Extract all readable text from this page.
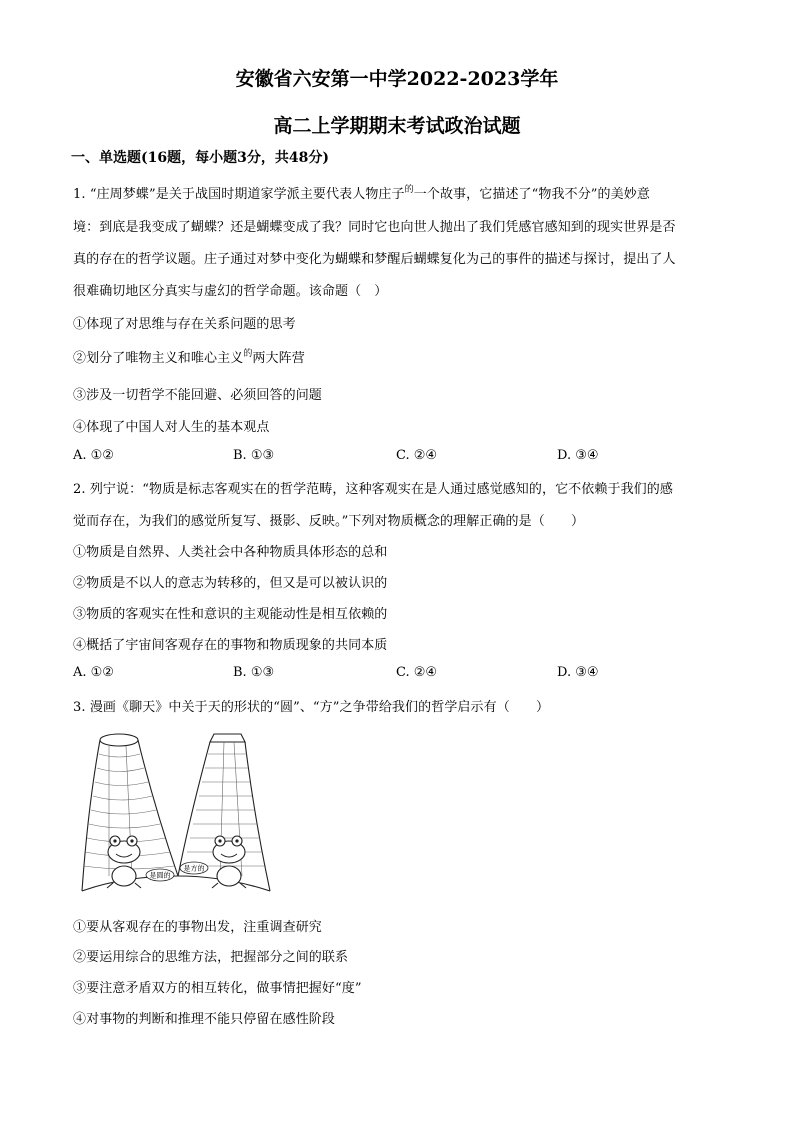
安徽省六安第一中学2022-2023学年
高二上学期期末考试政治试题
一、单选题(16题，每小题3分，共48分)
1. “庄周梦蝶”是关于战国时期道家学派主要代表人物庄子$^的$一个故事，它描述了“物我不分”的美妙意
境：到底是我变成了蝴蝶？还是蝴蝶变成了我？同时它也向世人抛出了我们凭感官感知到的现实世界是否
真的存在的哲学议题。庄子通过对梦中变化为蝴蝶和梦醒后蝴蝶复化为己的事件的描述与探讨，提出了人
很难确切地区分真实与虚幻的哲学命题。该命题（　）
①体现了对思维与存在关系问题的思考
②划分了唯物主义和唯心主义$^的$两大阵营
③涉及一切哲学不能回避、必须回答的问题
④体现了中国人对人生的基本观点
A. ①②	B. ①③	C. ②④	D. ③④
2. 列宁说：“物质是标志客观实在的哲学范畴，这种客观实在是人通过感觉感知的，它不依赖于我们的感
觉而存在，为我们的感觉所复写、摄影、反映。”下列对物质概念的理解正确的是（　　）
①物质是自然界、人类社会中各种物质具体形态的总和
②物质是不以人的意志为转移的，但又是可以被认识的
③物质的客观实在性和意识的主观能动性是相互依赖的
④概括了宇宙间客观存在的事物和物质现象的共同本质
A. ①②	B. ①③	C. ②④	D. ③④
3. 漫画《聊天》中关于天的形状的“圆”、“方”之争带给我们的哲学启示有（　　）
是圆的
是方的
①要从客观存在的事物出发，注重调查研究
②要运用综合的思维方法，把握部分之间的联系
③要注意矛盾双方的相互转化，做事情把握好“度”
④对事物的判断和推理不能只停留在感性阶段
